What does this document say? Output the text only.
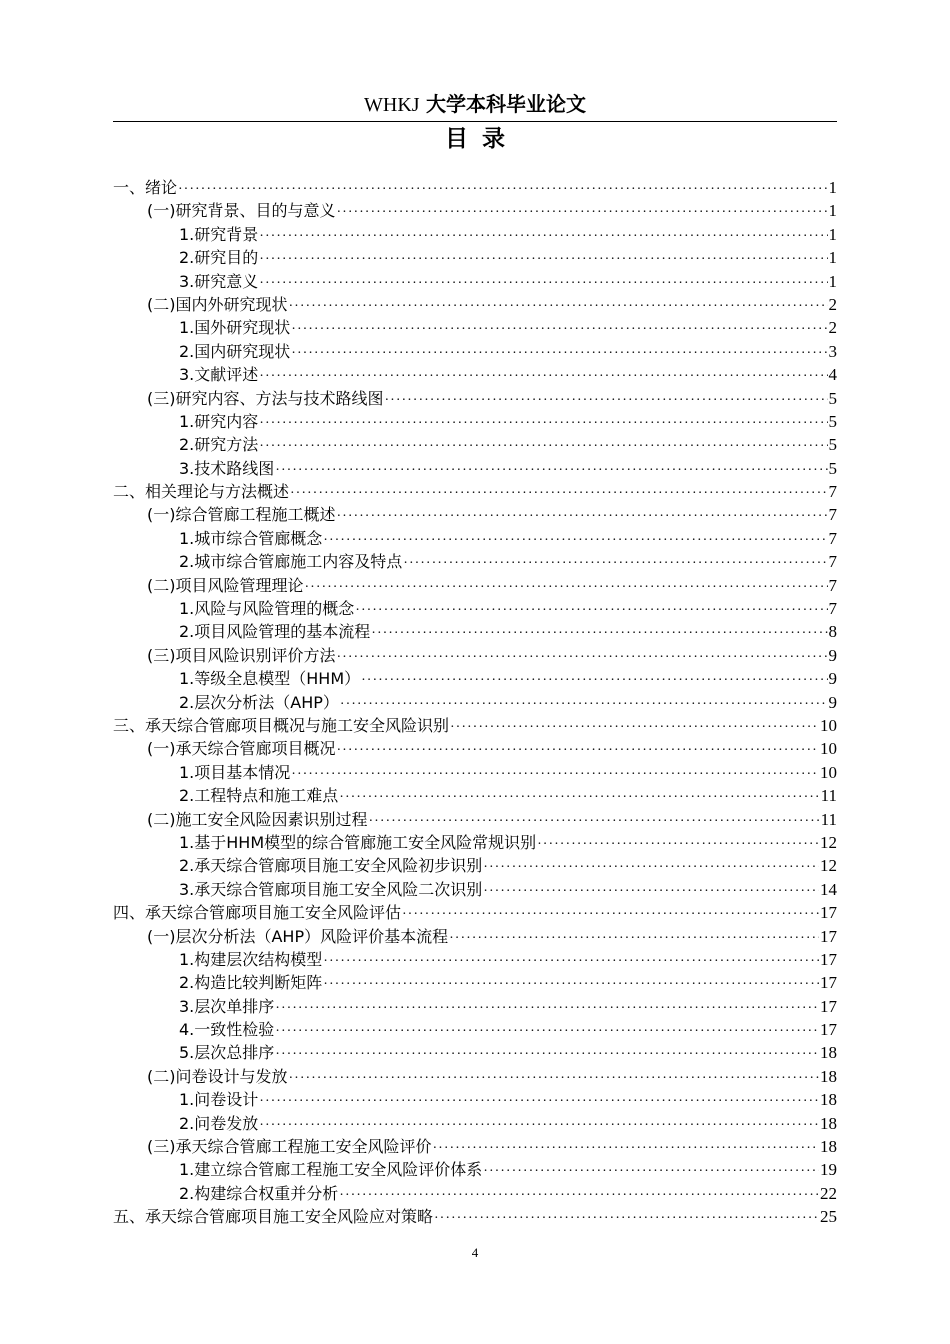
WHKJ 大学本科毕业论文
目录
一、绪论 ·····	1
(一)研究背景、目的与意义 ·····	1
1.研究背景 ·····	1
2.研究目的 ·····	1
3.研究意义 ·····	1
(二)国内外研究现状 ·····	2
1.国外研究现状 ·····	2
2.国内研究现状 ·····	3
3.文献评述 ·····	4
(三)研究内容、方法与技术路线图 ·····	5
1.研究内容 ·····	5
2.研究方法 ·····	5
3.技术路线图 ·····	5
二、相关理论与方法概述 ·····	7
(一)综合管廊工程施工概述 ·····	7
1.城市综合管廊概念 ·····	7
2.城市综合管廊施工内容及特点 ·····	7
(二)项目风险管理理论 ·····	7
1.风险与风险管理的概念 ·····	7
2.项目风险管理的基本流程 ·····	8
(三)项目风险识别评价方法 ·····	9
1.等级全息模型（HHM） ·····	9
2.层次分析法（AHP） ·····	9
三、承天综合管廊项目概况与施工安全风险识别 ·····	10
(一)承天综合管廊项目概况 ·····	10
1.项目基本情况 ·····	10
2.工程特点和施工难点 ·····	11
(二)施工安全风险因素识别过程 ·····	11
1.基于HHM模型的综合管廊施工安全风险常规识别 ·····	12
2.承天综合管廊项目施工安全风险初步识别 ·····	12
3.承天综合管廊项目施工安全风险二次识别 ·····	14
四、承天综合管廊项目施工安全风险评估 ·····	17
(一)层次分析法（AHP）风险评价基本流程 ·····	17
1.构建层次结构模型 ·····	17
2.构造比较判断矩阵 ·····	17
3.层次单排序 ·····	17
4.一致性检验 ·····	17
5.层次总排序 ·····	18
(二)问卷设计与发放 ·····	18
1.问卷设计 ·····	18
2.问卷发放 ·····	18
(三)承天综合管廊工程施工安全风险评价 ·····	18
1.建立综合管廊工程施工安全风险评价体系 ·····	19
2.构建综合权重并分析 ·····	22
五、承天综合管廊项目施工安全风险应对策略 ·····	25
4
